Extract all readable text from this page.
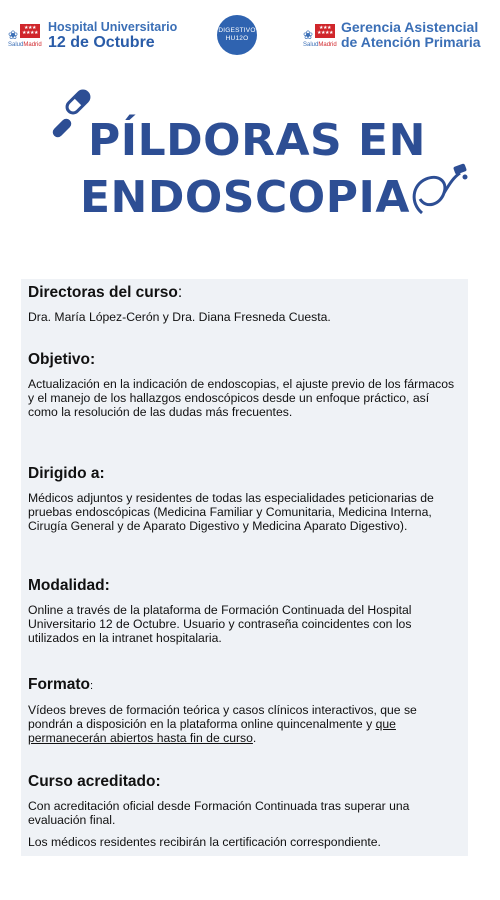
❀	★★★
★★★★
SaludMadrid
Hospital Universitario
12 de Octubre
DIGESTIVO
HU12O	❀	★★★
★★★★
SaludMadrid
Gerencia Asistencial
de Atención Primaria
PÍLDORAS EN
ENDOSCOPIA
Directoras del curso:

Dra. María López-Cerón y Dra. Diana Fresneda Cuesta.

Objetivo:

Actualización en la indicación de endoscopias, el ajuste previo de los fármacos y el manejo de los hallazgos endoscópicos desde un enfoque práctico, así como la resolución de las dudas más frecuentes.

Dirigido a:

Médicos adjuntos y residentes de todas las especialidades peticionarias de pruebas endoscópicas (Medicina Familiar y Comunitaria, Medicina Interna, Cirugía General y de Aparato Digestivo y Medicina Aparato Digestivo).

Modalidad:

Online a través de la plataforma de Formación Continuada del Hospital Universitario 12 de Octubre. Usuario y contraseña coincidentes con los utilizados en la intranet hospitalaria.

Formato:

Vídeos breves de formación teórica y casos clínicos interactivos, que se pondrán a disposición en la plataforma online quincenalmente y que permanecerán abiertos hasta fin de curso.

Curso acreditado:

Con acreditación oficial desde Formación Continuada tras superar una evaluación final.

Los médicos residentes recibirán la certificación correspondiente.
